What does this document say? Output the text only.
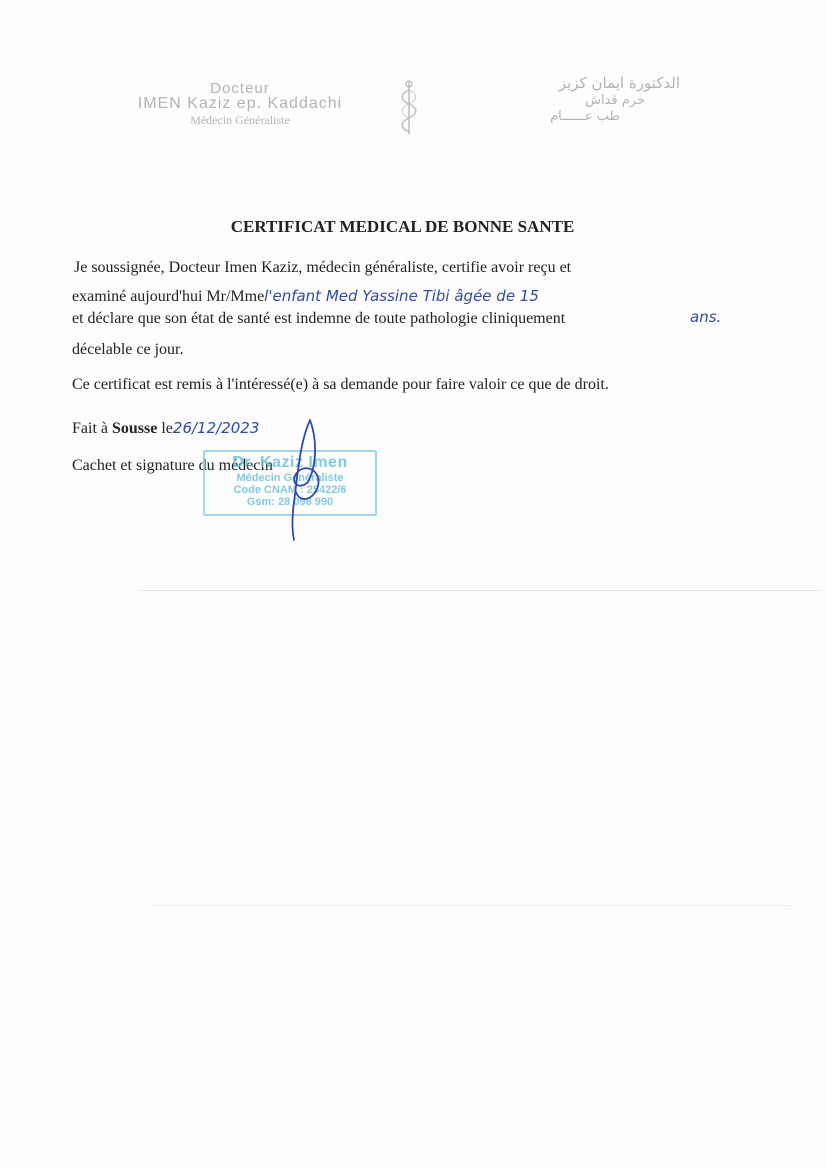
Docteur
IMEN Kaziz ep. Kaddachi
Médecin Généraliste
الدكتورة ايمان كزيز
حرم قداش
طب عــــــام
CERTIFICAT MEDICAL DE BONNE SANTE
Je soussignée, Docteur Imen Kaziz, médecin généraliste, certifie avoir reçu et
examiné aujourd'hui Mr/Mmel'enfant Med Yassine Tibi âgée de 15
et déclare que son état de santé est indemne de toute pathologie cliniquement	ans.
décelable ce jour.
Ce certificat est remis à l'intéressé(e) à sa demande pour faire valoir ce que de droit.
Fait à Sousse le26/12/2023
Cachet et signature du médecin
Dr. Kaziz Imen
Médecin Généraliste
Code CNAM : 25422/6
Gsm: 28 098 990
